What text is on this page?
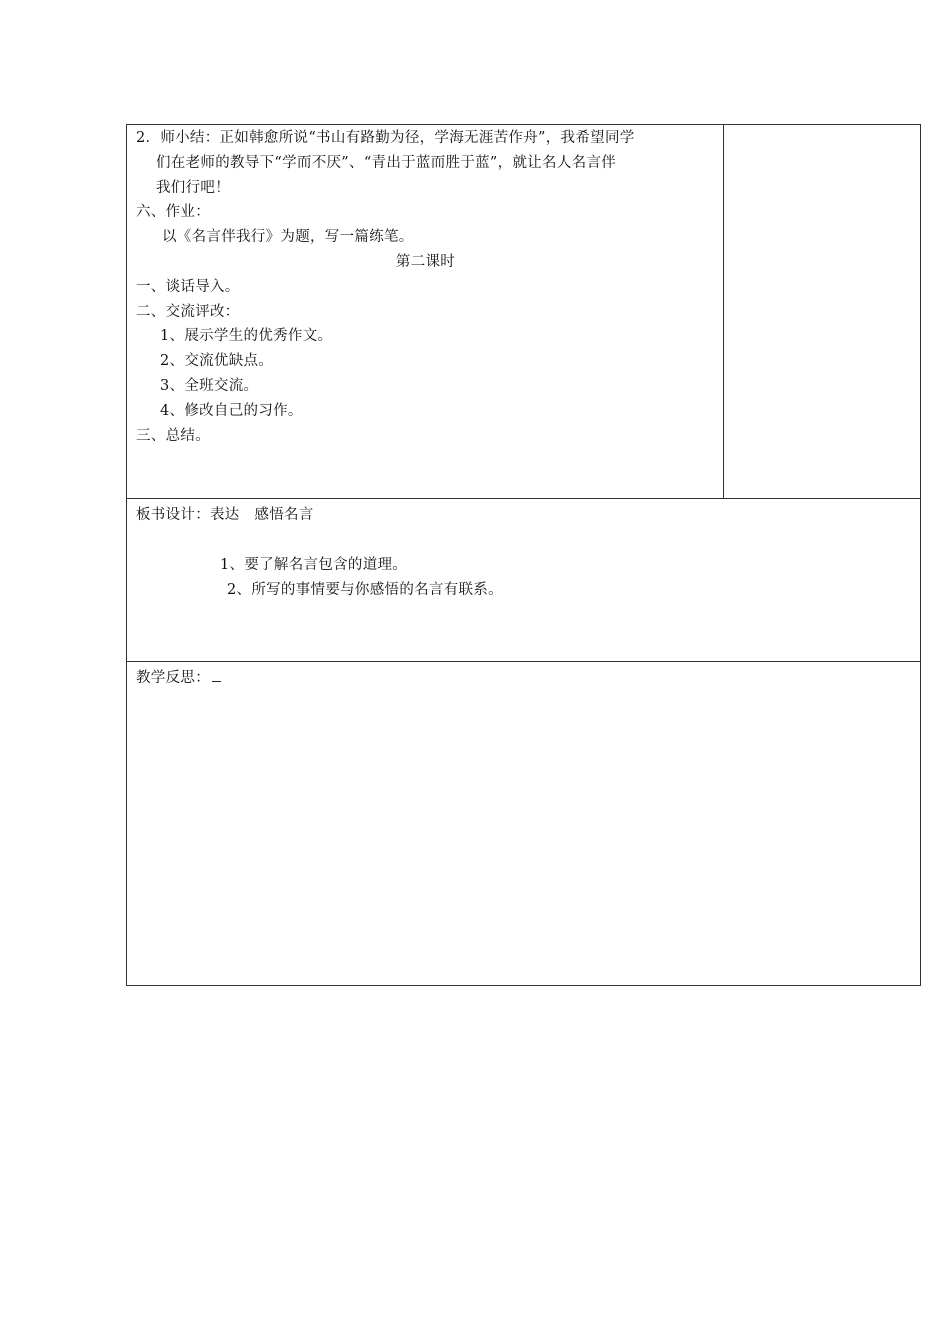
2．师小结：正如韩愈所说“书山有路勤为径，学海无涯苦作舟”，我希望同学
们在老师的教导下“学而不厌”、“青出于蓝而胜于蓝”，就让名人名言伴
我们行吧！
六、作业：
以《名言伴我行》为题，写一篇练笔。
第二课时
一、谈话导入。
二、交流评改：
1、展示学生的优秀作文。
2、交流优缺点。
3、全班交流。
4、修改自己的习作。
三、总结。
板书设计：表达　感悟名言
1、要了解名言包含的道理。
2、所写的事情要与你感悟的名言有联系。
教学反思：
